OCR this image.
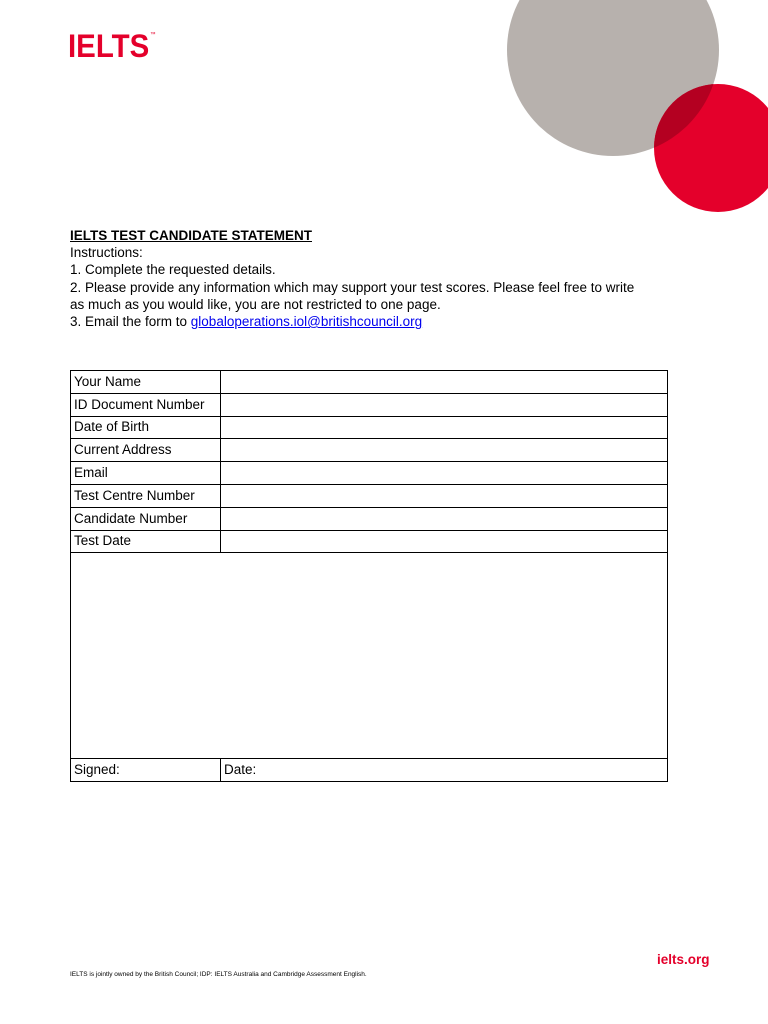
IELTS™

IELTS TEST CANDIDATE STATEMENT

Instructions:

1. Complete the requested details.

2. Please provide any information which may support your test scores. Please feel free to write
as much as you would like, you are not restricted to one page.

3. Email the form to globaloperations.iol@britishcouncil.org

Your Name	
ID Document Number	
Date of Birth	
Current Address	
Email	
Test Centre Number	
Candidate Number	
Test Date	

Signed:	Date:
ielts.org
IELTS is jointly owned by the British Council; IDP: IELTS Australia and Cambridge Assessment English.
